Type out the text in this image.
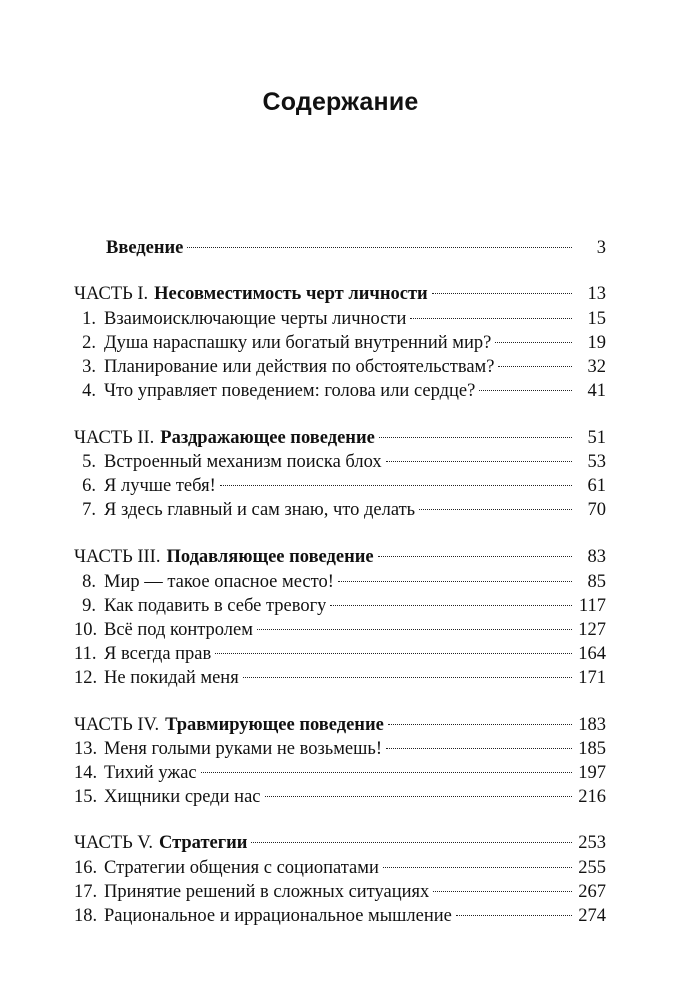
Содержание
Введение	3
ЧАСТЬ I. Несовместимость черт личности	13
1. Взаимоисключающие черты личности	15
2. Душа нараспашку или богатый внутренний мир?	19
3. Планирование или действия по обстоятельствам?	32
4. Что управляет поведением: голова или сердце?	41
ЧАСТЬ II. Раздражающее поведение	51
5. Встроенный механизм поиска блох	53
6. Я лучше тебя!	61
7. Я здесь главный и сам знаю, что делать	70
ЧАСТЬ III. Подавляющее поведение	83
8. Мир — такое опасное место!	85
9. Как подавить в себе тревогу	117
10. Всё под контролем	127
11. Я всегда прав	164
12. Не покидай меня	171
ЧАСТЬ IV. Травмирующее поведение	183
13. Меня голыми руками не возьмешь!	185
14. Тихий ужас	197
15. Хищники среди нас	216
ЧАСТЬ V. Стратегии	253
16. Стратегии общения с социопатами	255
17. Принятие решений в сложных ситуациях	267
18. Рациональное и иррациональное мышление	274
